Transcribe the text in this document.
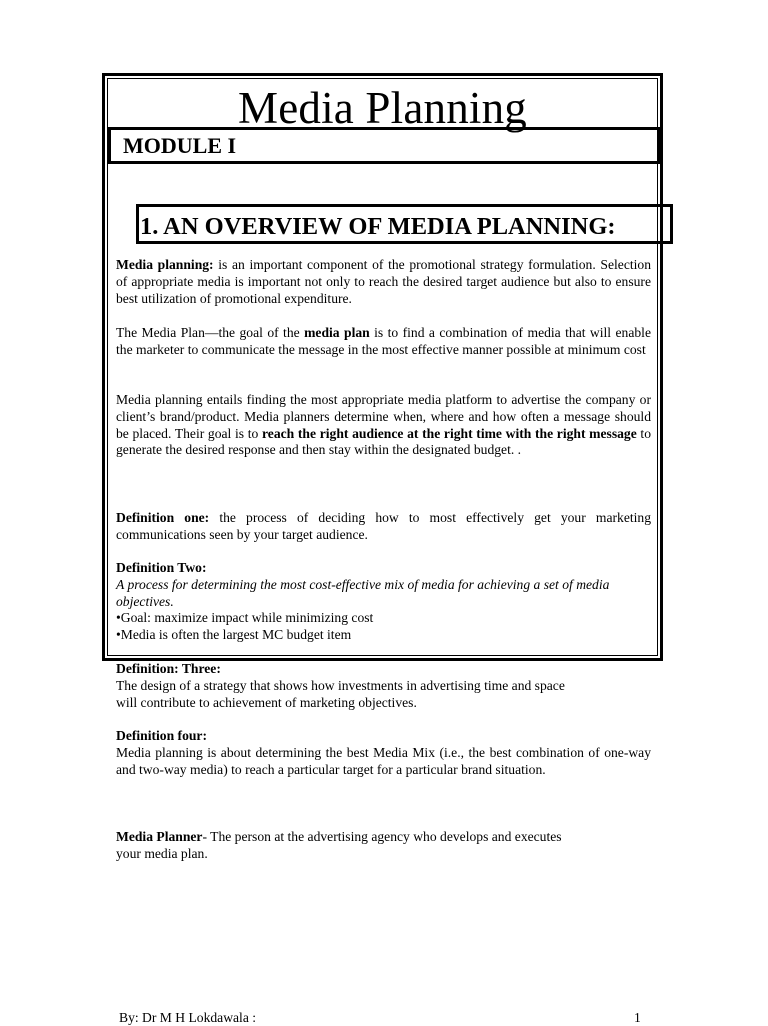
Media Planning
MODULE I
1. AN OVERVIEW OF MEDIA PLANNING:

Media planning: is an important component of the promotional strategy formulation. Selection of appropriate media is important not only to reach the desired target audience but also to ensure best utilization of promotional expenditure.

The Media Plan—the goal of the media plan is to find a combination of media that will enable the marketer to communicate the message in the most effective manner possible at minimum cost

Media planning entails finding the most appropriate media platform to advertise the company or client’s brand/product. Media planners determine when, where and how often a message should be placed. Their goal is to reach the right audience at the right time with the right message to generate the desired response and then stay within the designated budget. .

Definition one: the process of deciding how to most effectively get your marketing communications seen by your target audience.

Definition Two:
A process for determining the most cost-effective mix of media for achieving a set of media objectives.
•Goal: maximize impact while minimizing cost
•Media is often the largest MC budget item
Definition: Three:
The design of a strategy that shows how investments in advertising time and space
will contribute to achievement of marketing objectives.
Definition four:
Media planning is about determining the best Media Mix (i.e., the best combination of one-way and two-way media) to reach a particular target for a particular brand situation.
Media Planner- The person at the advertising agency who develops and executes
your media plan.
By: Dr M H Lokdawala :	1
